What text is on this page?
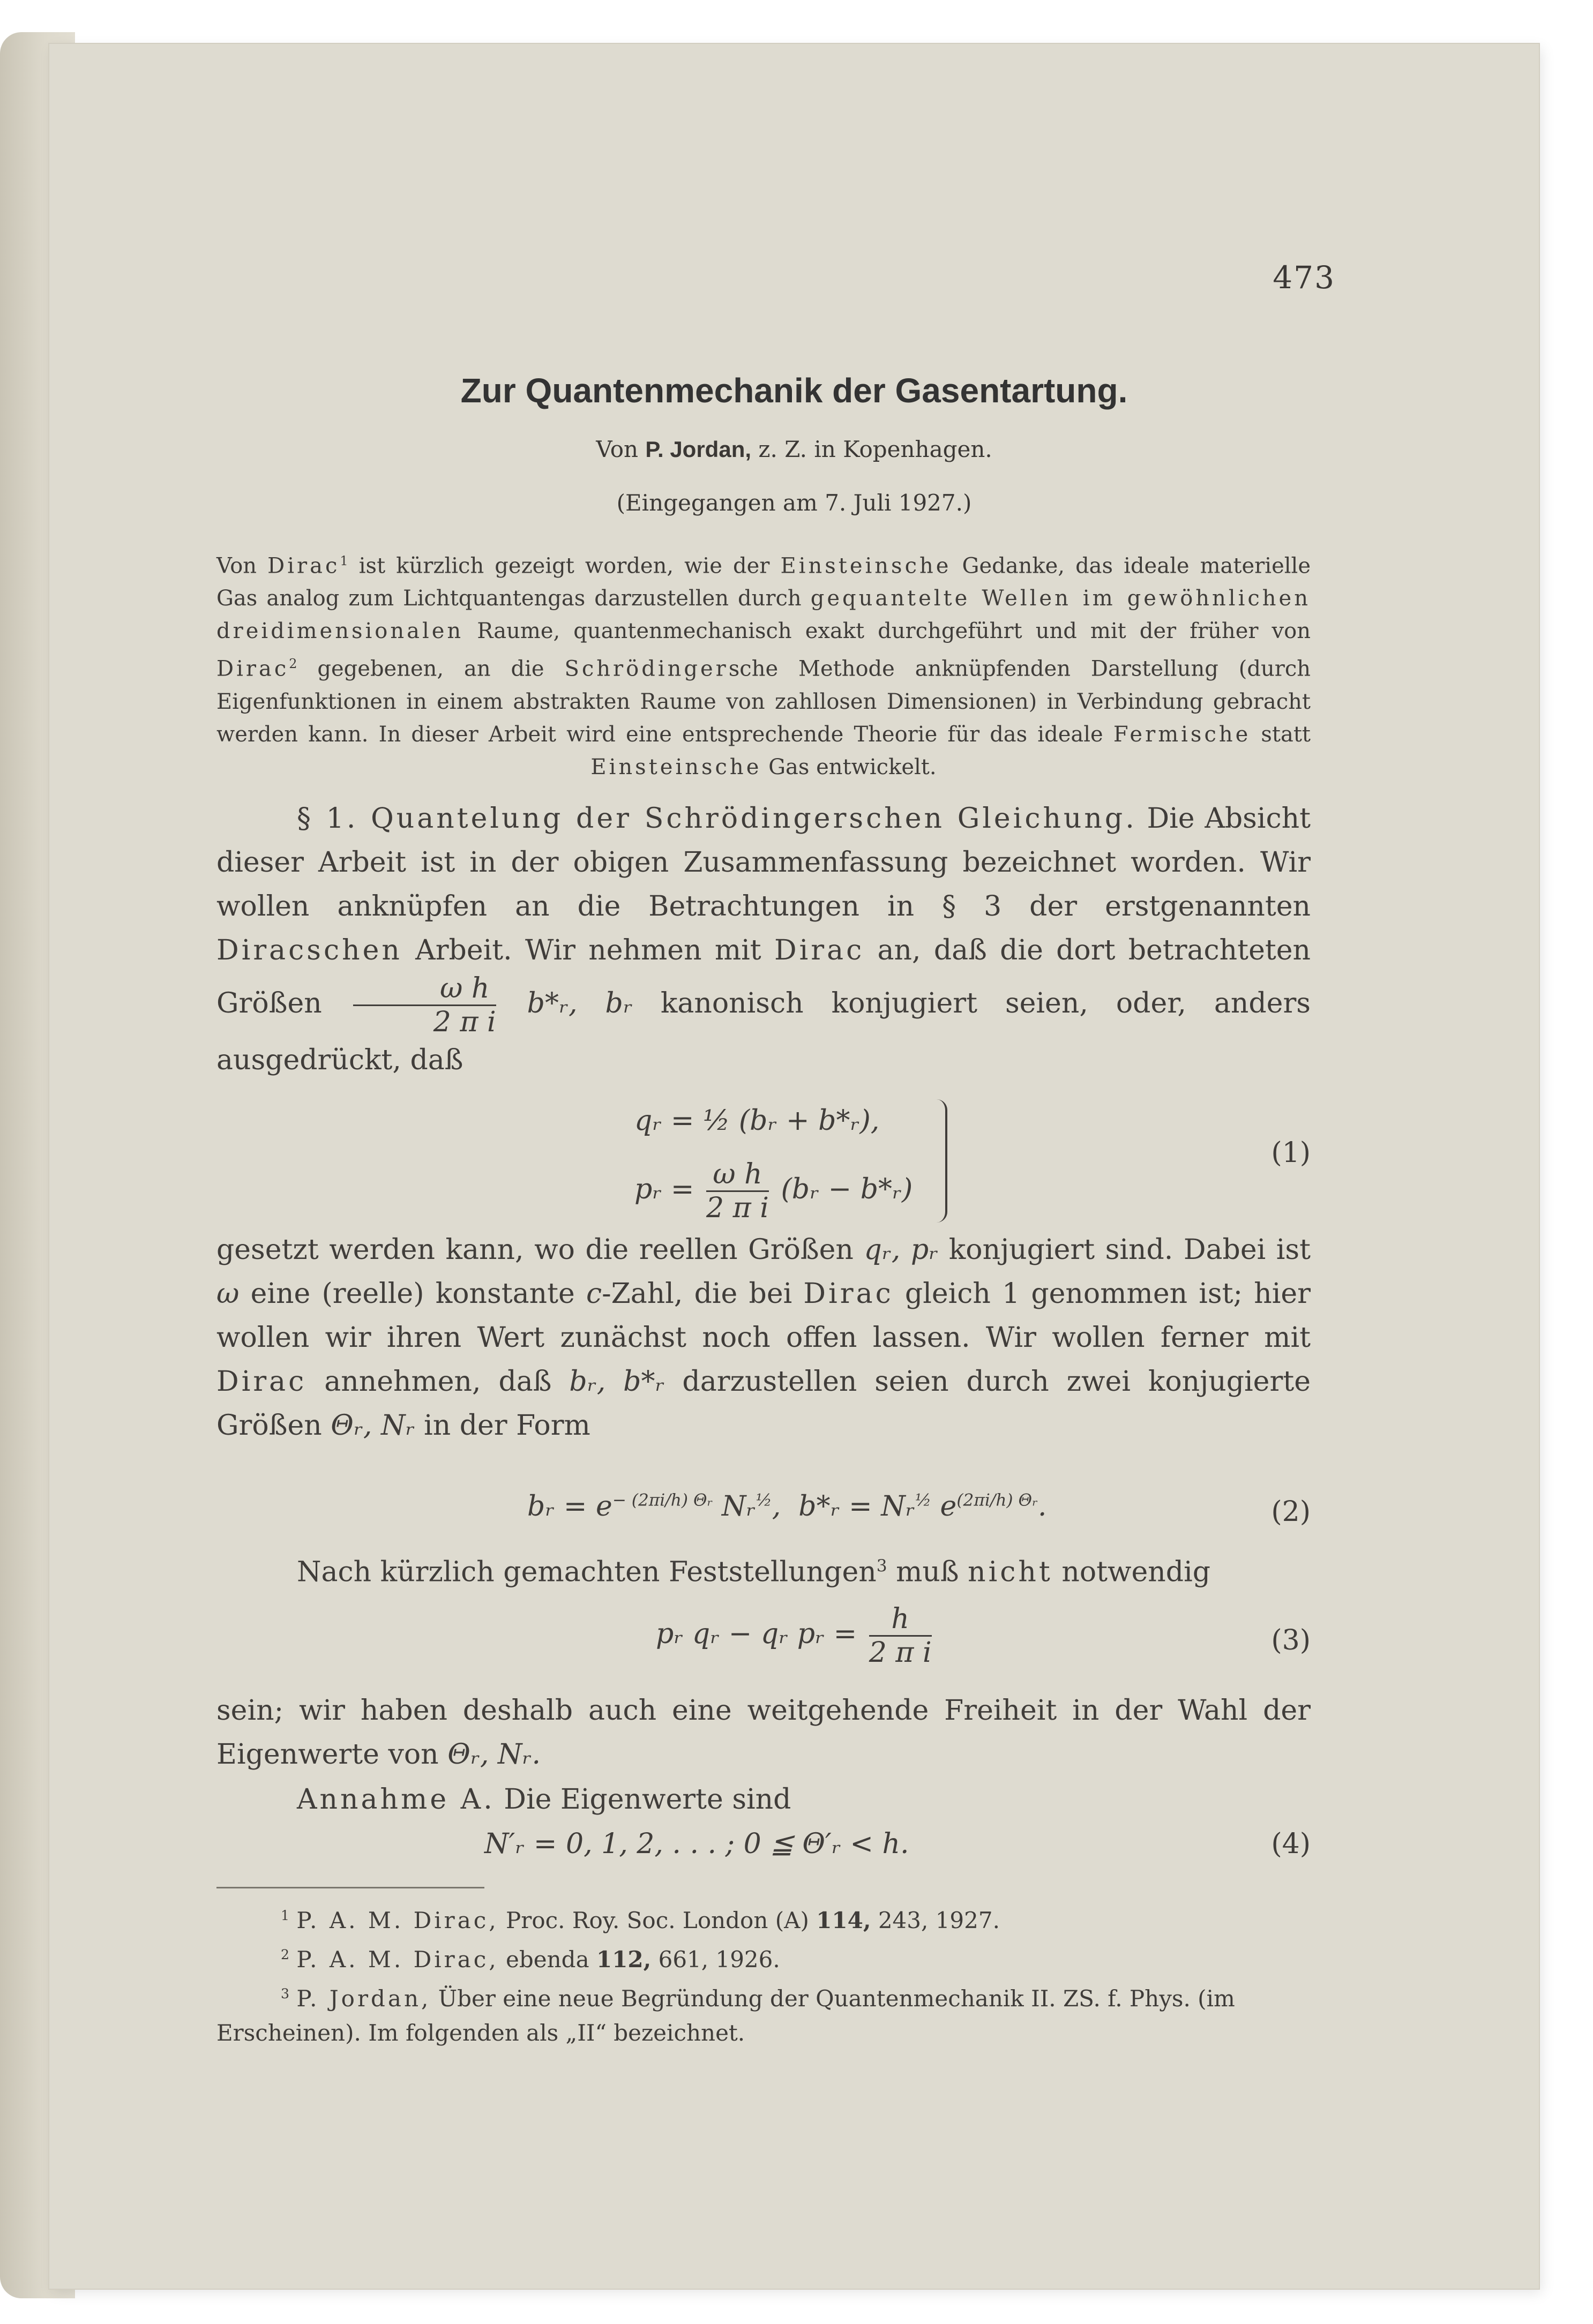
473
Zur Quantenmechanik der Gasentartung.
Von P. Jordan, z. Z. in Kopenhagen.
(Eingegangen am 7. Juli 1927.)
Von Dirac$^1$ ist kürzlich gezeigt worden, wie der Einsteinsche Gedanke, das ideale materielle Gas analog zum Lichtquantengas darzustellen durch gequantelte Wellen im gewöhnlichen dreidimensionalen Raume, quantenmechanisch exakt durchgeführt und mit der früher von Dirac$^2$ gegebenen, an die Schrödingersche Methode anknüpfenden Darstellung (durch Eigenfunktionen in einem abstrakten Raume von zahllosen Dimensionen) in Verbindung gebracht werden kann. In dieser Arbeit wird eine entsprechende Theorie für das ideale Fermische statt Einsteinsche Gas entwickelt.
§ 1. Quantelung der Schrödingerschen Gleichung. Die Absicht dieser Arbeit ist in der obigen Zusammenfassung bezeichnet worden. Wir wollen anknüpfen an die Betrachtungen in § 3 der erstgenannten Diracschen Arbeit. Wir nehmen mit Dirac an, daß die dort betrachteten Größen $\frac{\text{ω h}}{\text{2 π i}}$ b*ᵣ, bᵣ kanonisch konjugiert seien, oder, anders ausgedrückt, daß
qᵣ = ½ (bᵣ + b*ᵣ),
pᵣ = $\frac{\text{ω h}}{\text{2 π i}}$ (bᵣ − b*ᵣ)
(1)
gesetzt werden kann, wo die reellen Größen qᵣ, pᵣ konjugiert sind. Dabei ist ω eine (reelle) konstante c-Zahl, die bei Dirac gleich 1 genommen ist; hier wollen wir ihren Wert zunächst noch offen lassen. Wir wollen ferner mit Dirac annehmen, daß bᵣ, b*ᵣ darzustellen seien durch zwei konjugierte Größen Θᵣ, Nᵣ in der Form
bᵣ = $e^{- (2\pi i/h) \Theta ᵣ}$ Nᵣ$^{\frac{1}{2}}$,  b*ᵣ = Nᵣ$^{\frac{1}{2}}$ $e^{(2\pi i/h) \Theta ᵣ}$.	(2)
Nach kürzlich gemachten Feststellungen$^3$ muß nicht notwendig
pᵣ qᵣ − qᵣ pᵣ = $\frac{h}{\text{2 π i}}$	(3)
sein; wir haben deshalb auch eine weitgehende Freiheit in der Wahl der Eigenwerte von Θᵣ, Nᵣ.
Annahme A. Die Eigenwerte sind
N′ᵣ = 0, 1, 2, . . . ; 0 ≦ Θ′ᵣ < h.	(4)

$^1$ P. A. M. Dirac, Proc. Roy. Soc. London (A) 114, 243, 1927.

$^2$ P. A. M. Dirac, ebenda 112, 661, 1926.

$^3$ P. Jordan, Über eine neue Begründung der Quantenmechanik II. ZS. f. Phys. (im Erscheinen). Im folgenden als „II“ bezeichnet.
